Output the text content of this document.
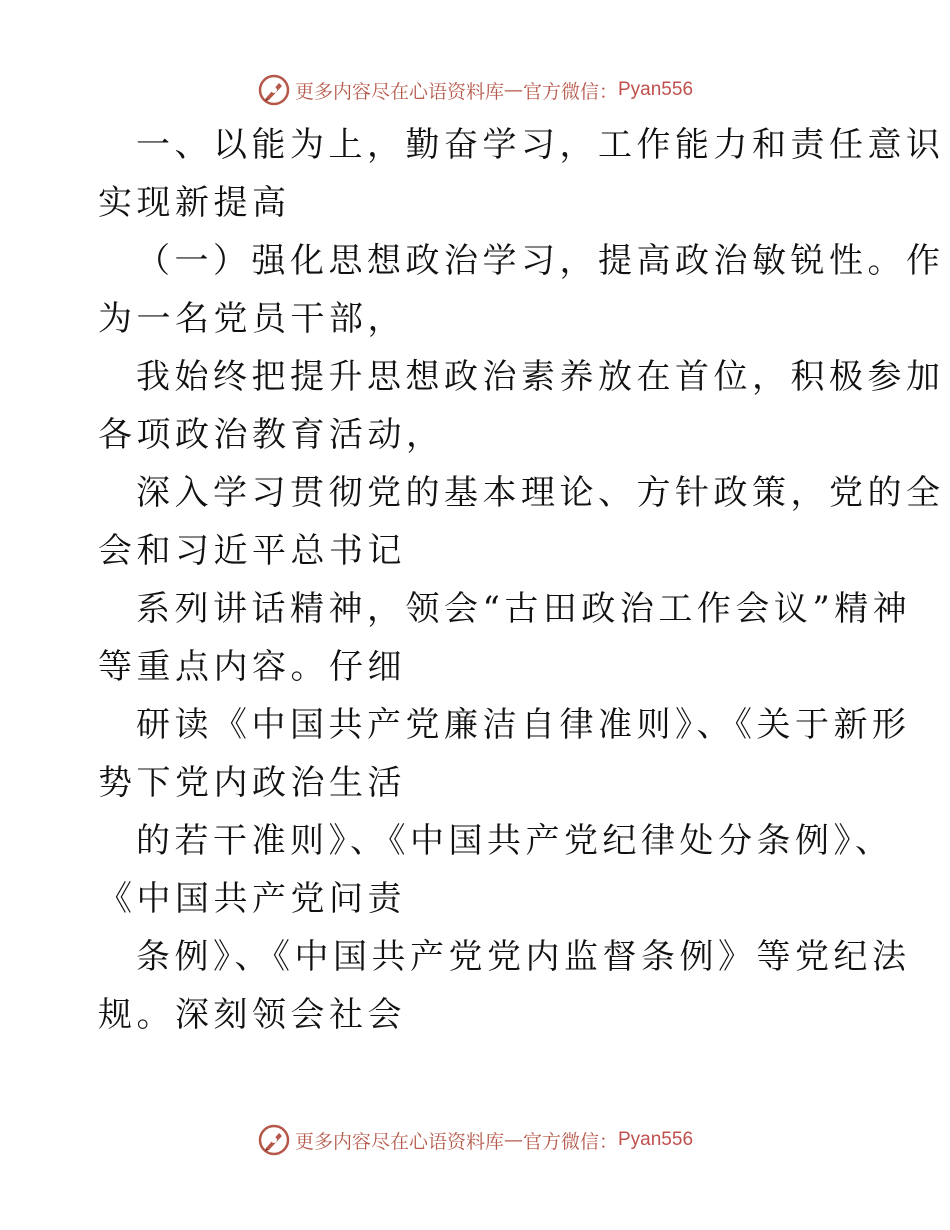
更多内容尽在心语资料库 — 官方微信： Pyan556
一、以能为上，勤奋学习，工作能力和责任意识
实现新提高
（一）强化思想政治学习，提高政治敏锐性。作
为一名党员干部，
我始终把提升思想政治素养放在首位，积极参加
各项政治教育活动，
深入学习贯彻党的基本理论、方针政策，党的全
会和习近平总书记
系列讲话精神，领会“古田政治工作会议”精神
等重点内容。仔细
研读《中国共产党廉洁自律准则》、《关于新形
势下党内政治生活
的若干准则》、《中国共产党纪律处分条例》、
《中国共产党问责
条例》、《中国共产党党内监督条例》等党纪法
规。深刻领会社会
更多内容尽在心语资料库 — 官方微信： Pyan556
